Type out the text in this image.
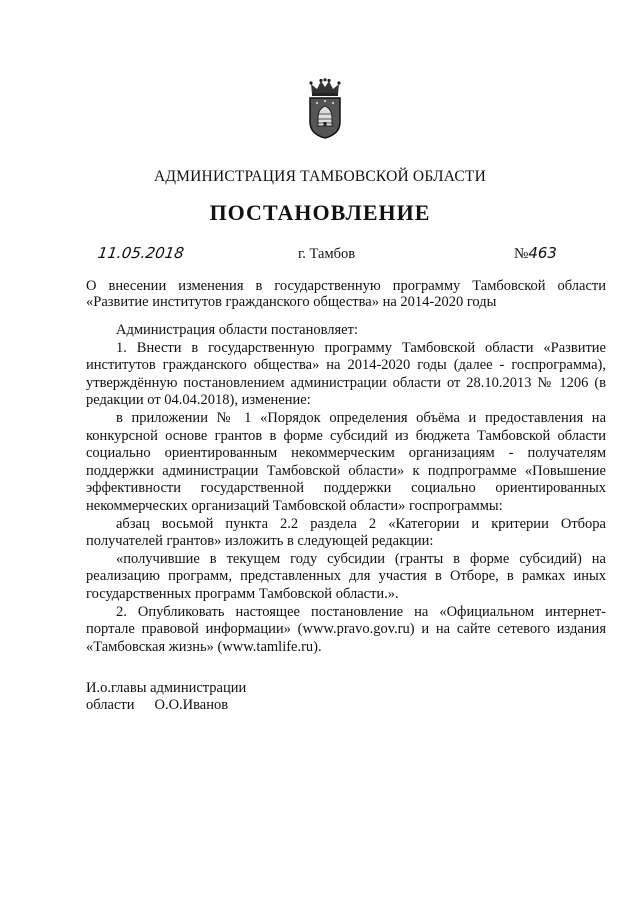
АДМИНИСТРАЦИЯ ТАМБОВСКОЙ ОБЛАСТИ
ПОСТАНОВЛЕНИЕ
11.05.2018	г. Тамбов	№463
О внесении изменения в государственную программу Тамбовской области «Развитие институтов гражданского общества» на 2014-2020 годы

Администрация области постановляет:

1. Внести в государственную программу Тамбовской области «Развитие институтов гражданского общества» на 2014-2020 годы (далее - госпрограмма), утверждённую постановлением администрации области от 28.10.2013 № 1206 (в редакции от 04.04.2018), изменение:

в приложении № 1 «Порядок определения объёма и предоставления на конкурсной основе грантов в форме субсидий из бюджета Тамбовской области социально ориентированным некоммерческим организациям - получателям поддержки администрации Тамбовской области» к подпрограмме «Повышение эффективности государственной поддержки социально ориентированных некоммерческих организаций Тамбовской области» госпрограммы:

абзац восьмой пункта 2.2 раздела 2 «Категории и критерии Отбора получателей грантов» изложить в следующей редакции:

«получившие в текущем году субсидии (гранты в форме субсидий) на реализацию программ, представленных для участия в Отборе, в рамках иных государственных программ Тамбовской области.».

2. Опубликовать настоящее постановление на «Официальном интернет-портале правовой информации» (www.pravo.gov.ru) и на сайте сетевого издания «Тамбовская жизнь» (www.tamlife.ru).

И.о.главы администрации
области О.О.Иванов
